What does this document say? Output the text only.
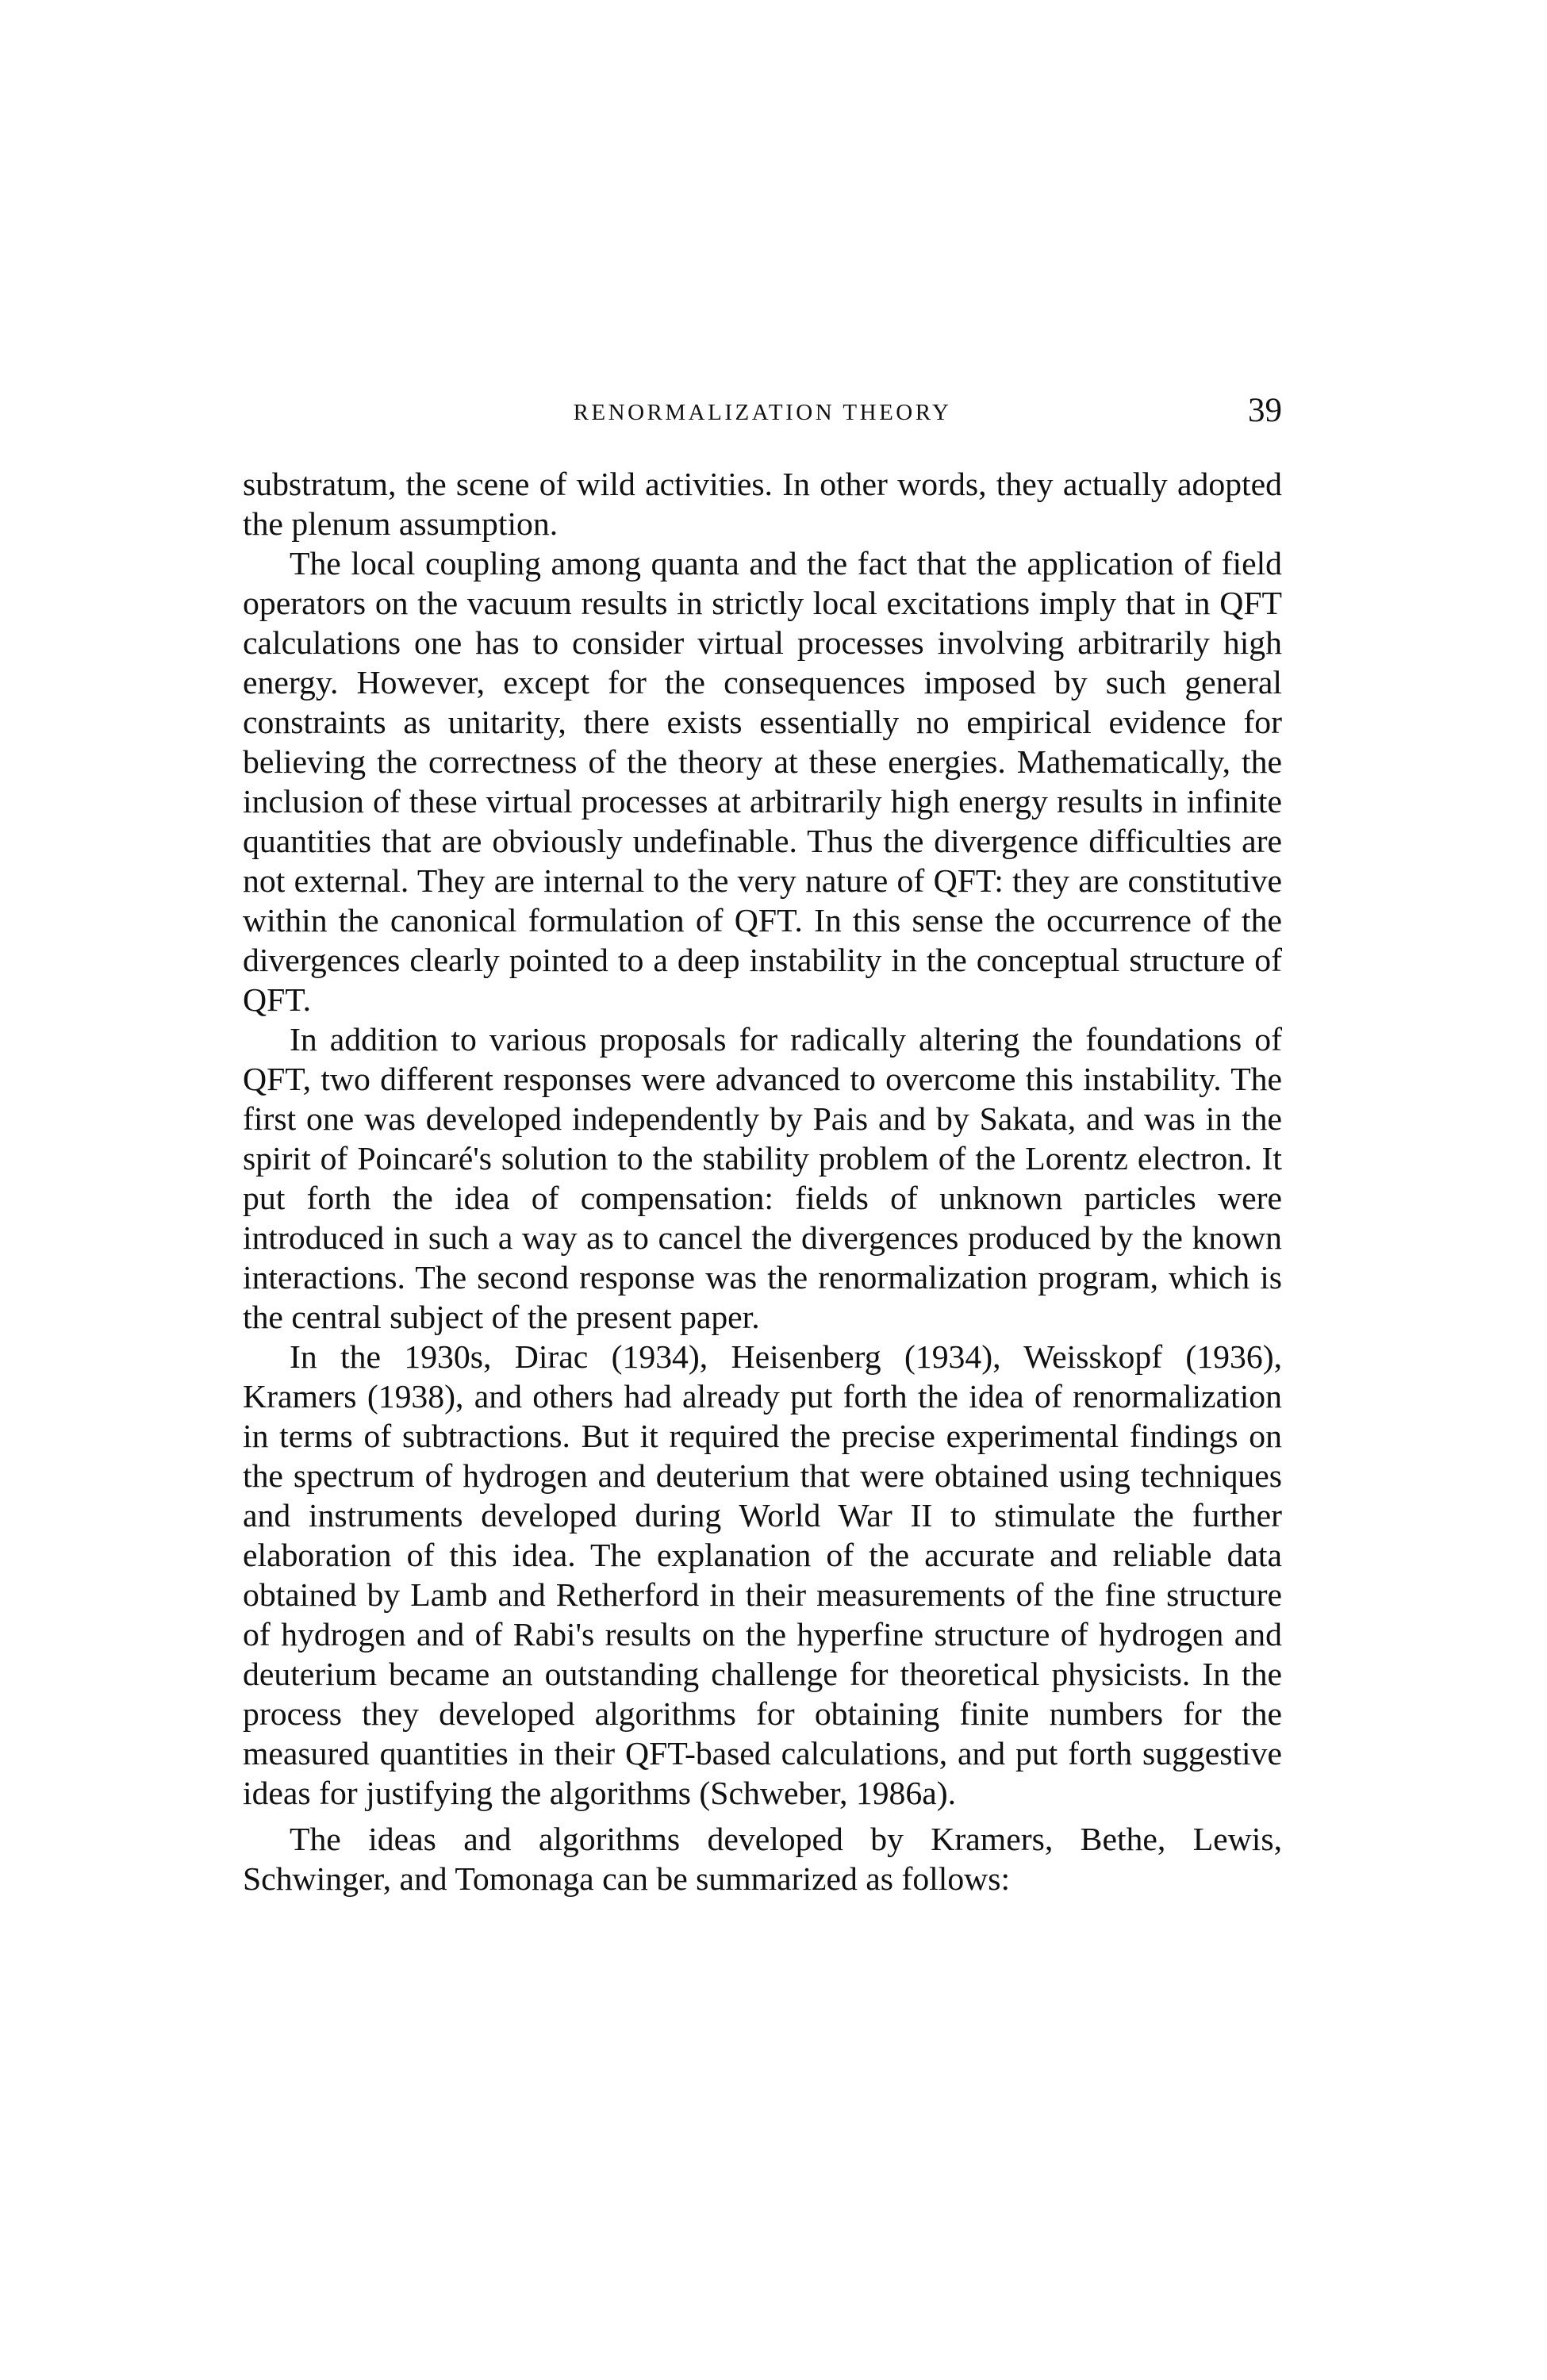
RENORMALIZATION THEORY	39

substratum, the scene of wild activities. In other words, they actually adopted the plenum assumption.

The local coupling among quanta and the fact that the application of field operators on the vacuum results in strictly local excitations imply that in QFT calculations one has to consider virtual processes involving arbitrarily high energy. However, except for the consequences imposed by such general constraints as unitarity, there exists essentially no empirical evidence for believing the correctness of the theory at these energies. Mathematically, the inclusion of these virtual processes at arbitrarily high energy results in infinite quantities that are obviously undefinable. Thus the divergence difficulties are not external. They are internal to the very nature of QFT: they are constitutive within the canonical formulation of QFT. In this sense the occurrence of the divergences clearly pointed to a deep instability in the conceptual structure of QFT.

In addition to various proposals for radically altering the foundations of QFT, two different responses were advanced to overcome this instability. The first one was developed independently by Pais and by Sakata, and was in the spirit of Poincaré's solution to the stability problem of the Lorentz electron. It put forth the idea of compensation: fields of unknown particles were introduced in such a way as to cancel the divergences produced by the known interactions. The second response was the renormalization program, which is the central subject of the present paper.

In the 1930s, Dirac (1934), Heisenberg (1934), Weisskopf (1936), Kramers (1938), and others had already put forth the idea of renormalization in terms of subtractions. But it required the precise experimental findings on the spectrum of hydrogen and deuterium that were obtained using techniques and instruments developed during World War II to stimulate the further elaboration of this idea. The explanation of the accurate and reliable data obtained by Lamb and Retherford in their measurements of the fine structure of hydrogen and of Rabi's results on the hyperfine structure of hydrogen and deuterium became an outstanding challenge for theoretical physicists. In the process they developed algorithms for obtaining finite numbers for the measured quantities in their QFT-based calculations, and put forth suggestive ideas for justifying the algorithms (Schweber, 1986a).

The ideas and algorithms developed by Kramers, Bethe, Lewis, Schwinger, and Tomonaga can be summarized as follows:
